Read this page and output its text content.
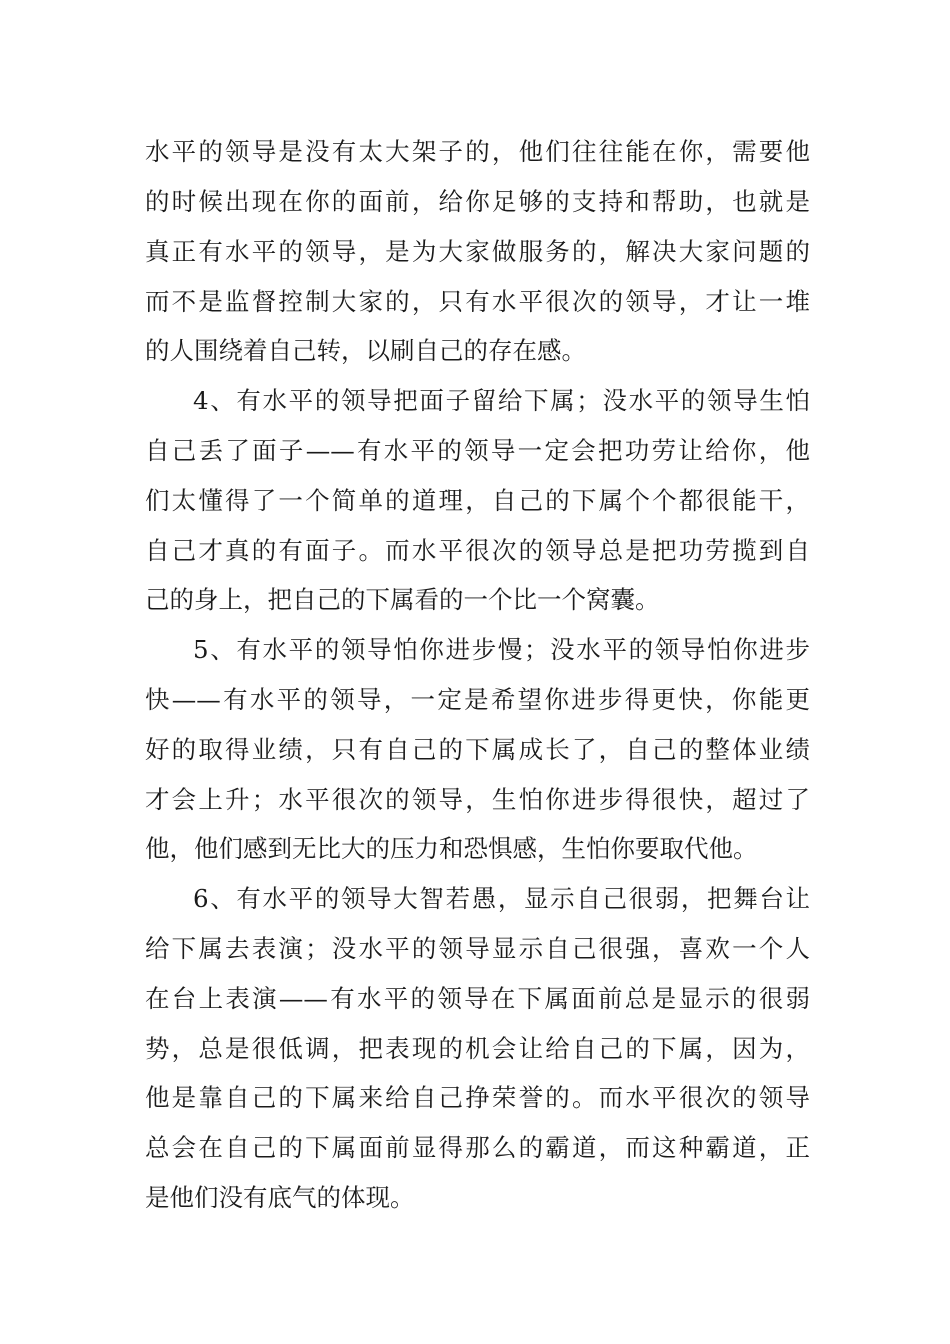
水平的领导是没有太大架子的，他们往往能在你，需要他
的时候出现在你的面前，给你足够的支持和帮助，也就是
真正有水平的领导，是为大家做服务的，解决大家问题的
而不是监督控制大家的，只有水平很次的领导，才让一堆
的人围绕着自己转，以刷自己的存在感。
4、有水平的领导把面子留给下属；没水平的领导生怕
自己丢了面子——有水平的领导一定会把功劳让给你，他
们太懂得了一个简单的道理，自己的下属个个都很能干，
自己才真的有面子。而水平很次的领导总是把功劳揽到自
己的身上，把自己的下属看的一个比一个窝囊。
5、有水平的领导怕你进步慢；没水平的领导怕你进步
快——有水平的领导，一定是希望你进步得更快，你能更
好的取得业绩，只有自己的下属成长了，自己的整体业绩
才会上升；水平很次的领导，生怕你进步得很快，超过了
他，他们感到无比大的压力和恐惧感，生怕你要取代他。
6、有水平的领导大智若愚，显示自己很弱，把舞台让
给下属去表演；没水平的领导显示自己很强，喜欢一个人
在台上表演——有水平的领导在下属面前总是显示的很弱
势，总是很低调，把表现的机会让给自己的下属，因为，
他是靠自己的下属来给自己挣荣誉的。而水平很次的领导
总会在自己的下属面前显得那么的霸道，而这种霸道，正
是他们没有底气的体现。
